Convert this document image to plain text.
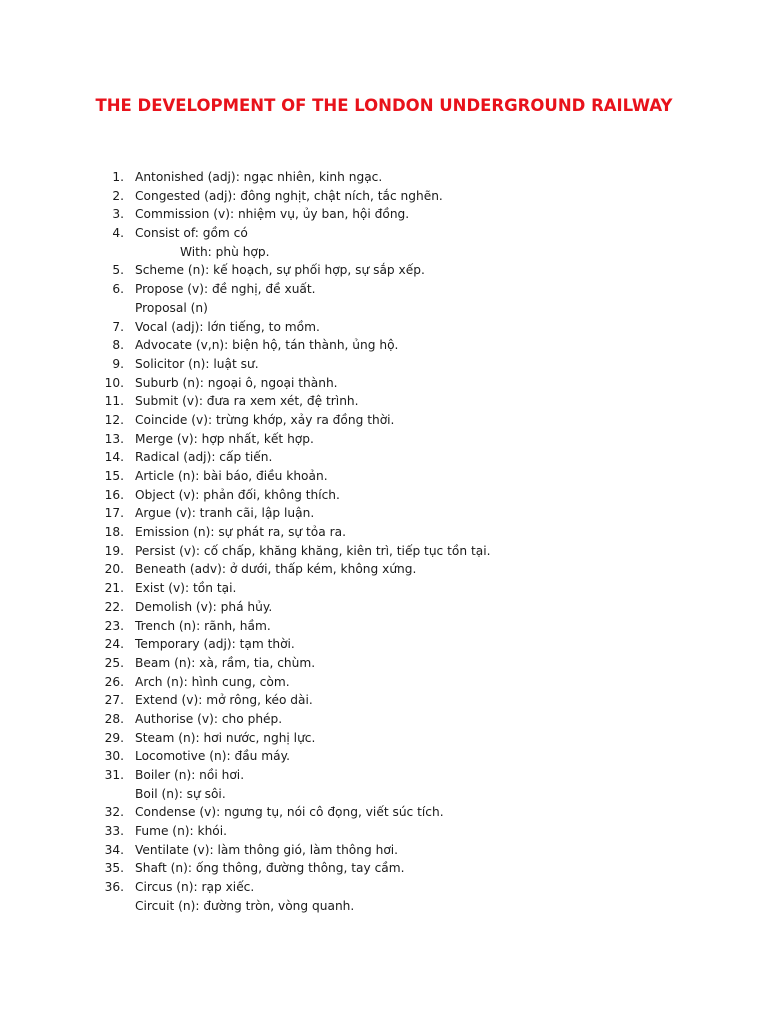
THE DEVELOPMENT OF THE LONDON UNDERGROUND RAILWAY
1. Antonished (adj): ngạc nhiên, kinh ngạc.
2. Congested (adj): đông nghịt, chật ních, tắc nghẽn.
3. Commission (v): nhiệm vụ, ủy ban, hội đồng.
4. Consist of: gồm có
With: phù hợp.
5. Scheme (n): kế hoạch, sự phối hợp, sự sắp xếp.
6. Propose (v): đề nghị, đề xuất.
Proposal (n)
7. Vocal (adj): lớn tiếng, to mồm.
8. Advocate (v,n): biện hộ, tán thành, ủng hộ.
9. Solicitor (n): luật sư.
10. Suburb (n): ngoại ô, ngoại thành.
11. Submit (v): đưa ra xem xét, đệ trình.
12. Coincide (v): trừng khớp, xảy ra đồng thời.
13. Merge (v): hợp nhất, kết hợp.
14. Radical (adj): cấp tiến.
15. Article (n): bài báo, điều khoản.
16. Object (v): phản đối, không thích.
17. Argue (v): tranh cãi, lập luận.
18. Emission (n): sự phát ra, sự tỏa ra.
19. Persist (v): cố chấp, khăng khăng, kiên trì, tiếp tục tồn tại.
20. Beneath (adv): ở dưới, thấp kém, không xứng.
21. Exist (v): tồn tại.
22. Demolish (v): phá hủy.
23. Trench (n): rãnh, hầm.
24. Temporary (adj): tạm thời.
25. Beam (n): xà, rầm, tia, chùm.
26. Arch (n): hình cung, còm.
27. Extend (v): mở rông, kéo dài.
28. Authorise (v): cho phép.
29. Steam (n): hơi nước, nghị lực.
30. Locomotive (n): đầu máy.
31. Boiler (n): nồi hơi.
Boil (n): sự sôi.
32. Condense (v): ngưng tụ, nói cô đọng, viết súc tích.
33. Fume (n): khói.
34. Ventilate (v): làm thông gió, làm thông hơi.
35. Shaft (n): ống thông, đường thông, tay cầm.
36. Circus (n): rạp xiếc.
Circuit (n): đường tròn, vòng quanh.
